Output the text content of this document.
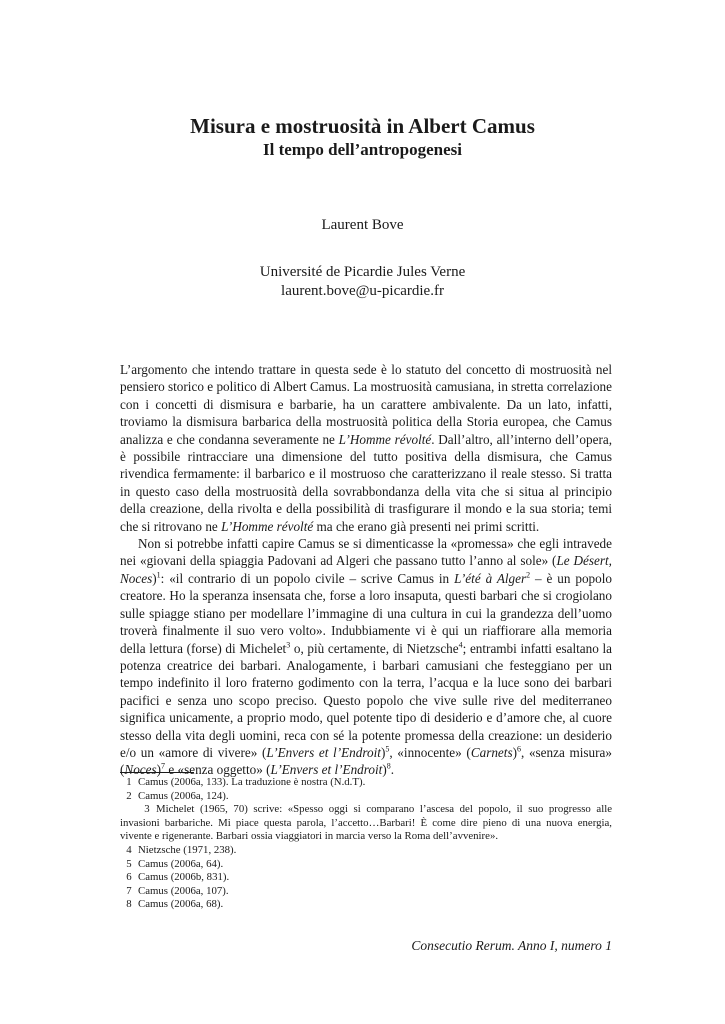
Misura e mostruosità in Albert Camus
Il tempo dell’antropogenesi
Laurent Bove
Université de Picardie Jules Verne
laurent.bove@u-picardie.fr

L’argomento che intendo trattare in questa sede è lo statuto del concetto di mostruosità nel pensiero storico e politico di Albert Camus. La mostruosità camusiana, in stretta correlazione con i concetti di dismisura e barbarie, ha un carattere ambivalente. Da un lato, infatti, troviamo la dismisura barbarica della mostruosità politica della Storia europea, che Camus analizza e che condanna severamente ne L’Homme révolté. Dall’altro, all’interno dell’opera, è possibile rintracciare una dimensione del tutto positiva della dismisura, che Camus rivendica fermamente: il barbarico e il mostruoso che caratterizzano il reale stesso. Si tratta in questo caso della mostruosità della sovrabbondanza della vita che si situa al principio della creazione, della rivolta e della possibilità di trasfigurare il mondo e la sua storia; temi che si ritrovano ne L’Homme révolté ma che erano già presenti nei primi scritti.

Non si potrebbe infatti capire Camus se si dimenticasse la «promessa» che egli intravede nei «giovani della spiaggia Padovani ad Algeri che passano tutto l’anno al sole» (Le Désert, Noces)$^1$: «il contrario di un popolo civile – scrive Camus in L’été à Alger$^2$ – è un popolo creatore. Ho la speranza insensata che, forse a loro insaputa, questi barbari che si crogiolano sulle spiagge stiano per modellare l’immagine di una cultura in cui la grandezza dell’uomo troverà finalmente il suo vero volto». Indubbiamente vi è qui un riaffiorare alla memoria della lettura (forse) di Michelet$^3$ o, più certamente, di Nietzsche$^4$; entrambi infatti esaltano la potenza creatrice dei barbari. Analogamente, i barbari camusiani che festeggiano per un tempo indefinito il loro fraterno godimento con la terra, l’acqua e la luce sono dei barbari pacifici e senza uno scopo preciso. Questo popolo che vive sulle rive del mediterraneo significa unicamente, a proprio modo, quel potente tipo di desiderio e d’amore che, al cuore stesso della vita degli uomini, reca con sé la potente promessa della creazione: un desiderio e/o un «amore di vivere» (L’Envers et l’Endroit)$^5$, «innocente» (Carnets)$^6$, «senza misura» (Noces)$^7$ e «senza oggetto» (L’Envers et l’Endroit)$^8$.

1 Camus (2006a, 133). La traduzione è nostra (N.d.T).

2 Camus (2006a, 124).

3 Michelet (1965, 70) scrive: «Spesso oggi si comparano l’ascesa del popolo, il suo progresso alle invasioni barbariche. Mi piace questa parola, l’accetto…Barbari! È come dire pieno di una nuova energia, vivente e rigenerante. Barbari ossia viaggiatori in marcia verso la Roma dell’avvenire».

4 Nietzsche (1971, 238).

5 Camus (2006a, 64).

6 Camus (2006b, 831).

7 Camus (2006a, 107).

8 Camus (2006a, 68).

Consecutio Rerum. Anno I, numero 1
